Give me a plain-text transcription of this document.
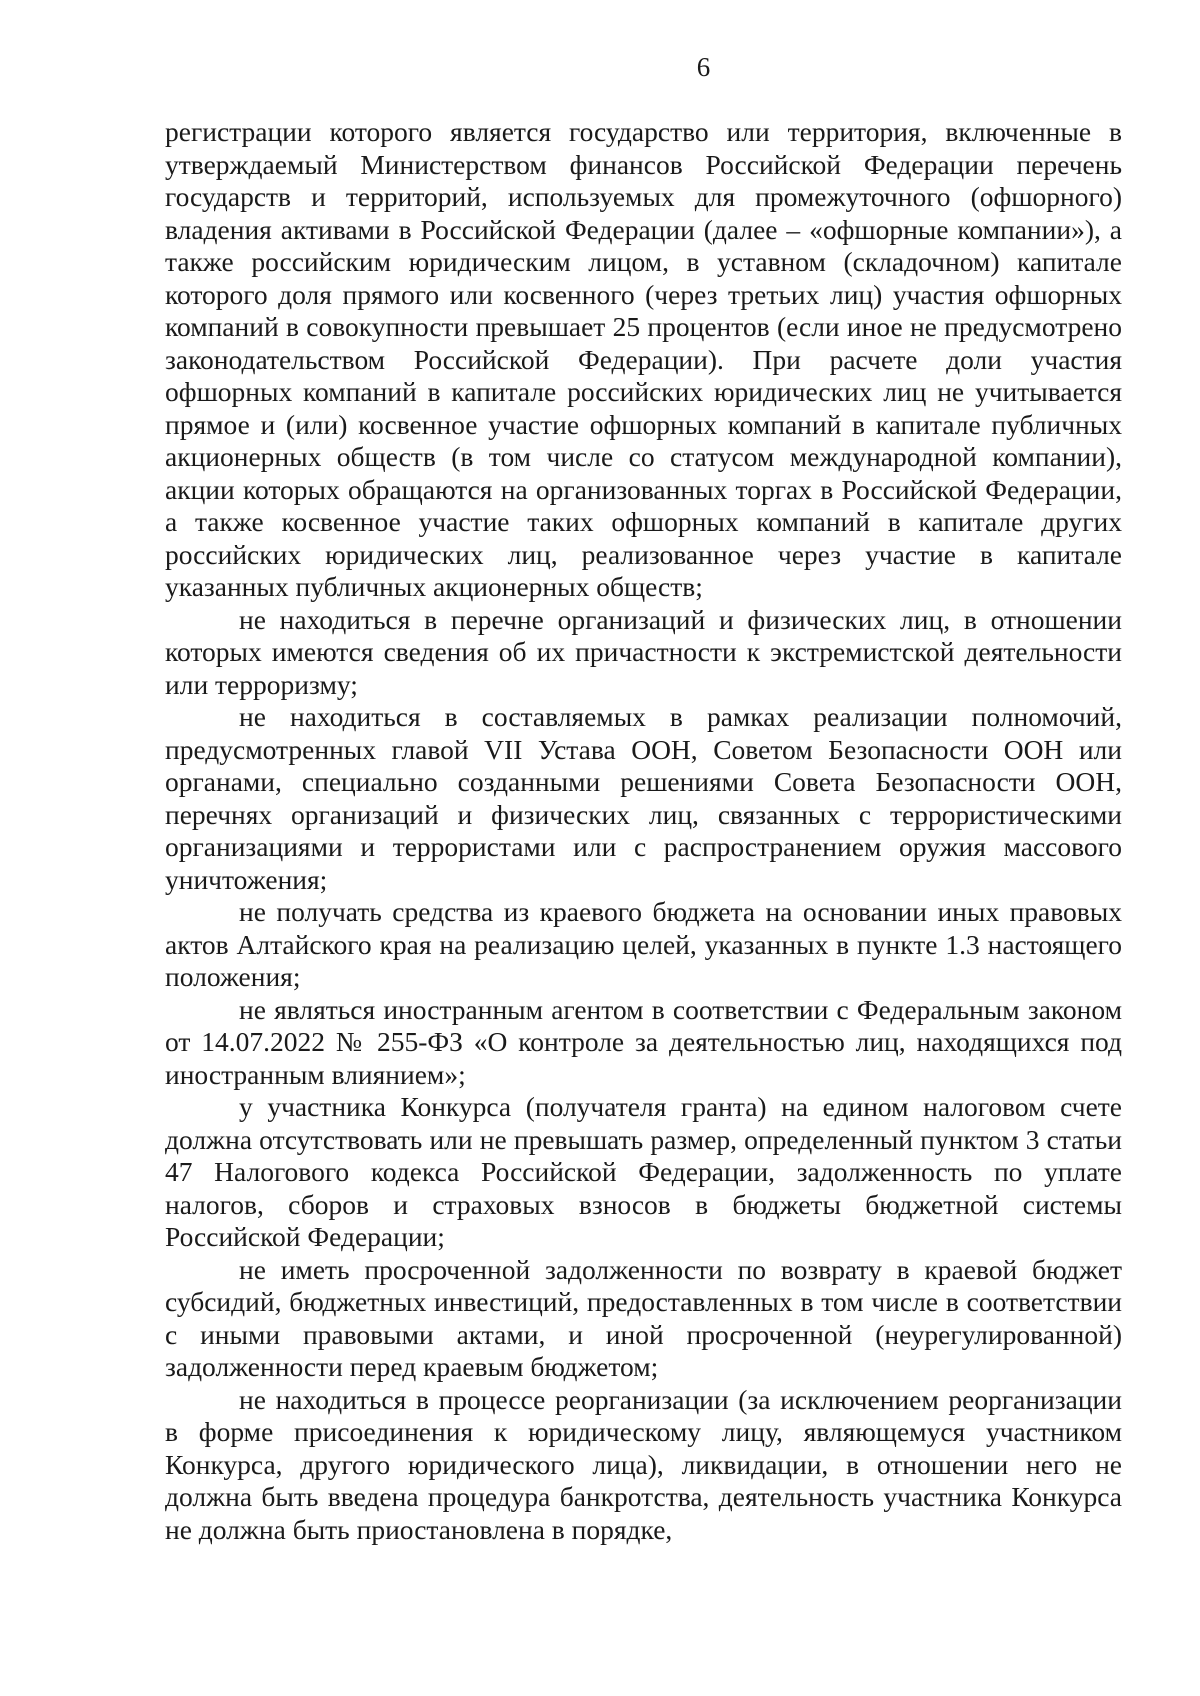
6

регистрации которого является государство или территория, включенные в утверждаемый Министерством финансов Российской Федерации перечень государств и территорий, используемых для промежуточного (офшорного) владения активами в Российской Федерации (далее – «офшорные компании»), а также российским юридическим лицом, в уставном (складочном) капитале которого доля прямого или косвенного (через третьих лиц) участия офшорных компаний в совокупности превышает 25 процентов (если иное не предусмотрено законодательством Российской Федерации). При расчете доли участия офшорных компаний в капитале российских юридических лиц не учитывается прямое и (или) косвенное участие офшорных компаний в капитале публичных акционерных обществ (в том числе со статусом международной компании), акции которых обращаются на организованных торгах в Российской Федерации, а также косвенное участие таких офшорных компаний в капитале других российских юридических лиц, реализованное через участие в капитале указанных публичных акционерных обществ;

не находиться в перечне организаций и физических лиц, в отношении которых имеются сведения об их причастности к экстремистской деятельности или терроризму;

не находиться в составляемых в рамках реализации полномочий, предусмотренных главой VII Устава ООН, Советом Безопасности ООН или органами, специально созданными решениями Совета Безопасности ООН, перечнях организаций и физических лиц, связанных с террористическими организациями и террористами или с распространением оружия массового уничтожения;

не получать средства из краевого бюджета на основании иных правовых актов Алтайского края на реализацию целей, указанных в пункте 1.3 настоящего положения;

не являться иностранным агентом в соответствии с Федеральным законом от 14.07.2022 № 255-ФЗ «О контроле за деятельностью лиц, находящихся под иностранным влиянием»;

у участника Конкурса (получателя гранта) на едином налоговом счете должна отсутствовать или не превышать размер, определенный пунктом 3 статьи 47 Налогового кодекса Российской Федерации, задолженность по уплате налогов, сборов и страховых взносов в бюджеты бюджетной системы Российской Федерации;

не иметь просроченной задолженности по возврату в краевой бюджет субсидий, бюджетных инвестиций, предоставленных в том числе в соответствии с иными правовыми актами, и иной просроченной (неурегулированной) задолженности перед краевым бюджетом;

не находиться в процессе реорганизации (за исключением реорганизации в форме присоединения к юридическому лицу, являющемуся участником Конкурса, другого юридического лица), ликвидации, в отношении него не должна быть введена процедура банкротства, деятельность участника Конкурса не должна быть приостановлена в порядке,
